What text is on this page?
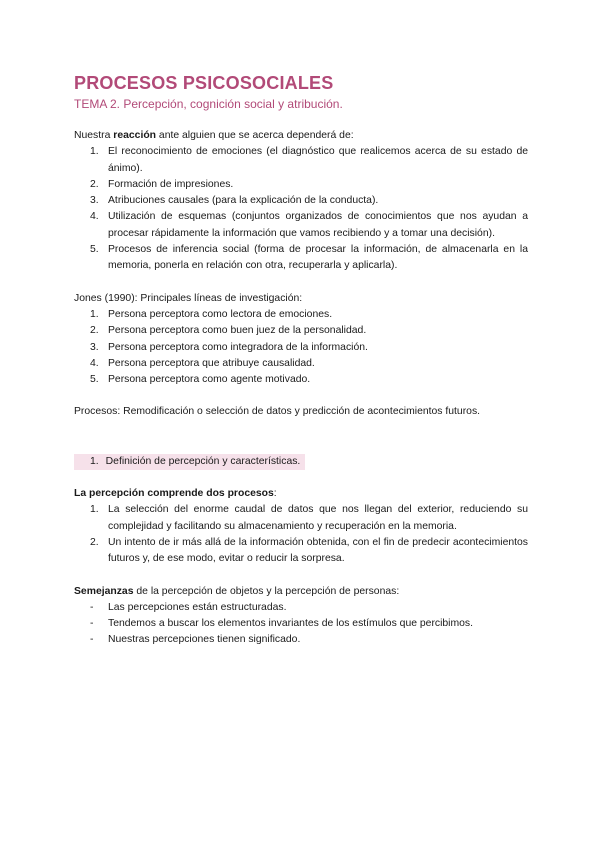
PROCESOS PSICOSOCIALES
TEMA 2. Percepción, cognición social y atribución.

Nuestra reacción ante alguien que se acerca dependerá de:

1. El reconocimiento de emociones (el diagnóstico que realicemos acerca de su estado de ánimo).
2. Formación de impresiones.
3. Atribuciones causales (para la explicación de la conducta).
4. Utilización de esquemas (conjuntos organizados de conocimientos que nos ayudan a procesar rápidamente la información que vamos recibiendo y a tomar una decisión).
5. Procesos de inferencia social (forma de procesar la información, de almacenarla en la memoria, ponerla en relación con otra, recuperarla y aplicarla).

Jones (1990): Principales líneas de investigación:

1. Persona perceptora como lectora de emociones.
2. Persona perceptora como buen juez de la personalidad.
3. Persona perceptora como integradora de la información.
4. Persona perceptora que atribuye causalidad.
5. Persona perceptora como agente motivado.

Procesos: Remodificación o selección de datos y predicción de acontecimientos futuros.

1. Definición de percepción y características.

La percepción comprende dos procesos:

1. La selección del enorme caudal de datos que nos llegan del exterior, reduciendo su complejidad y facilitando su almacenamiento y recuperación en la memoria.
2. Un intento de ir más allá de la información obtenida, con el fin de predecir acontecimientos futuros y, de ese modo, evitar o reducir la sorpresa.

Semejanzas de la percepción de objetos y la percepción de personas:

- Las percepciones están estructuradas.
- Tendemos a buscar los elementos invariantes de los estímulos que percibimos.
- Nuestras percepciones tienen significado.
